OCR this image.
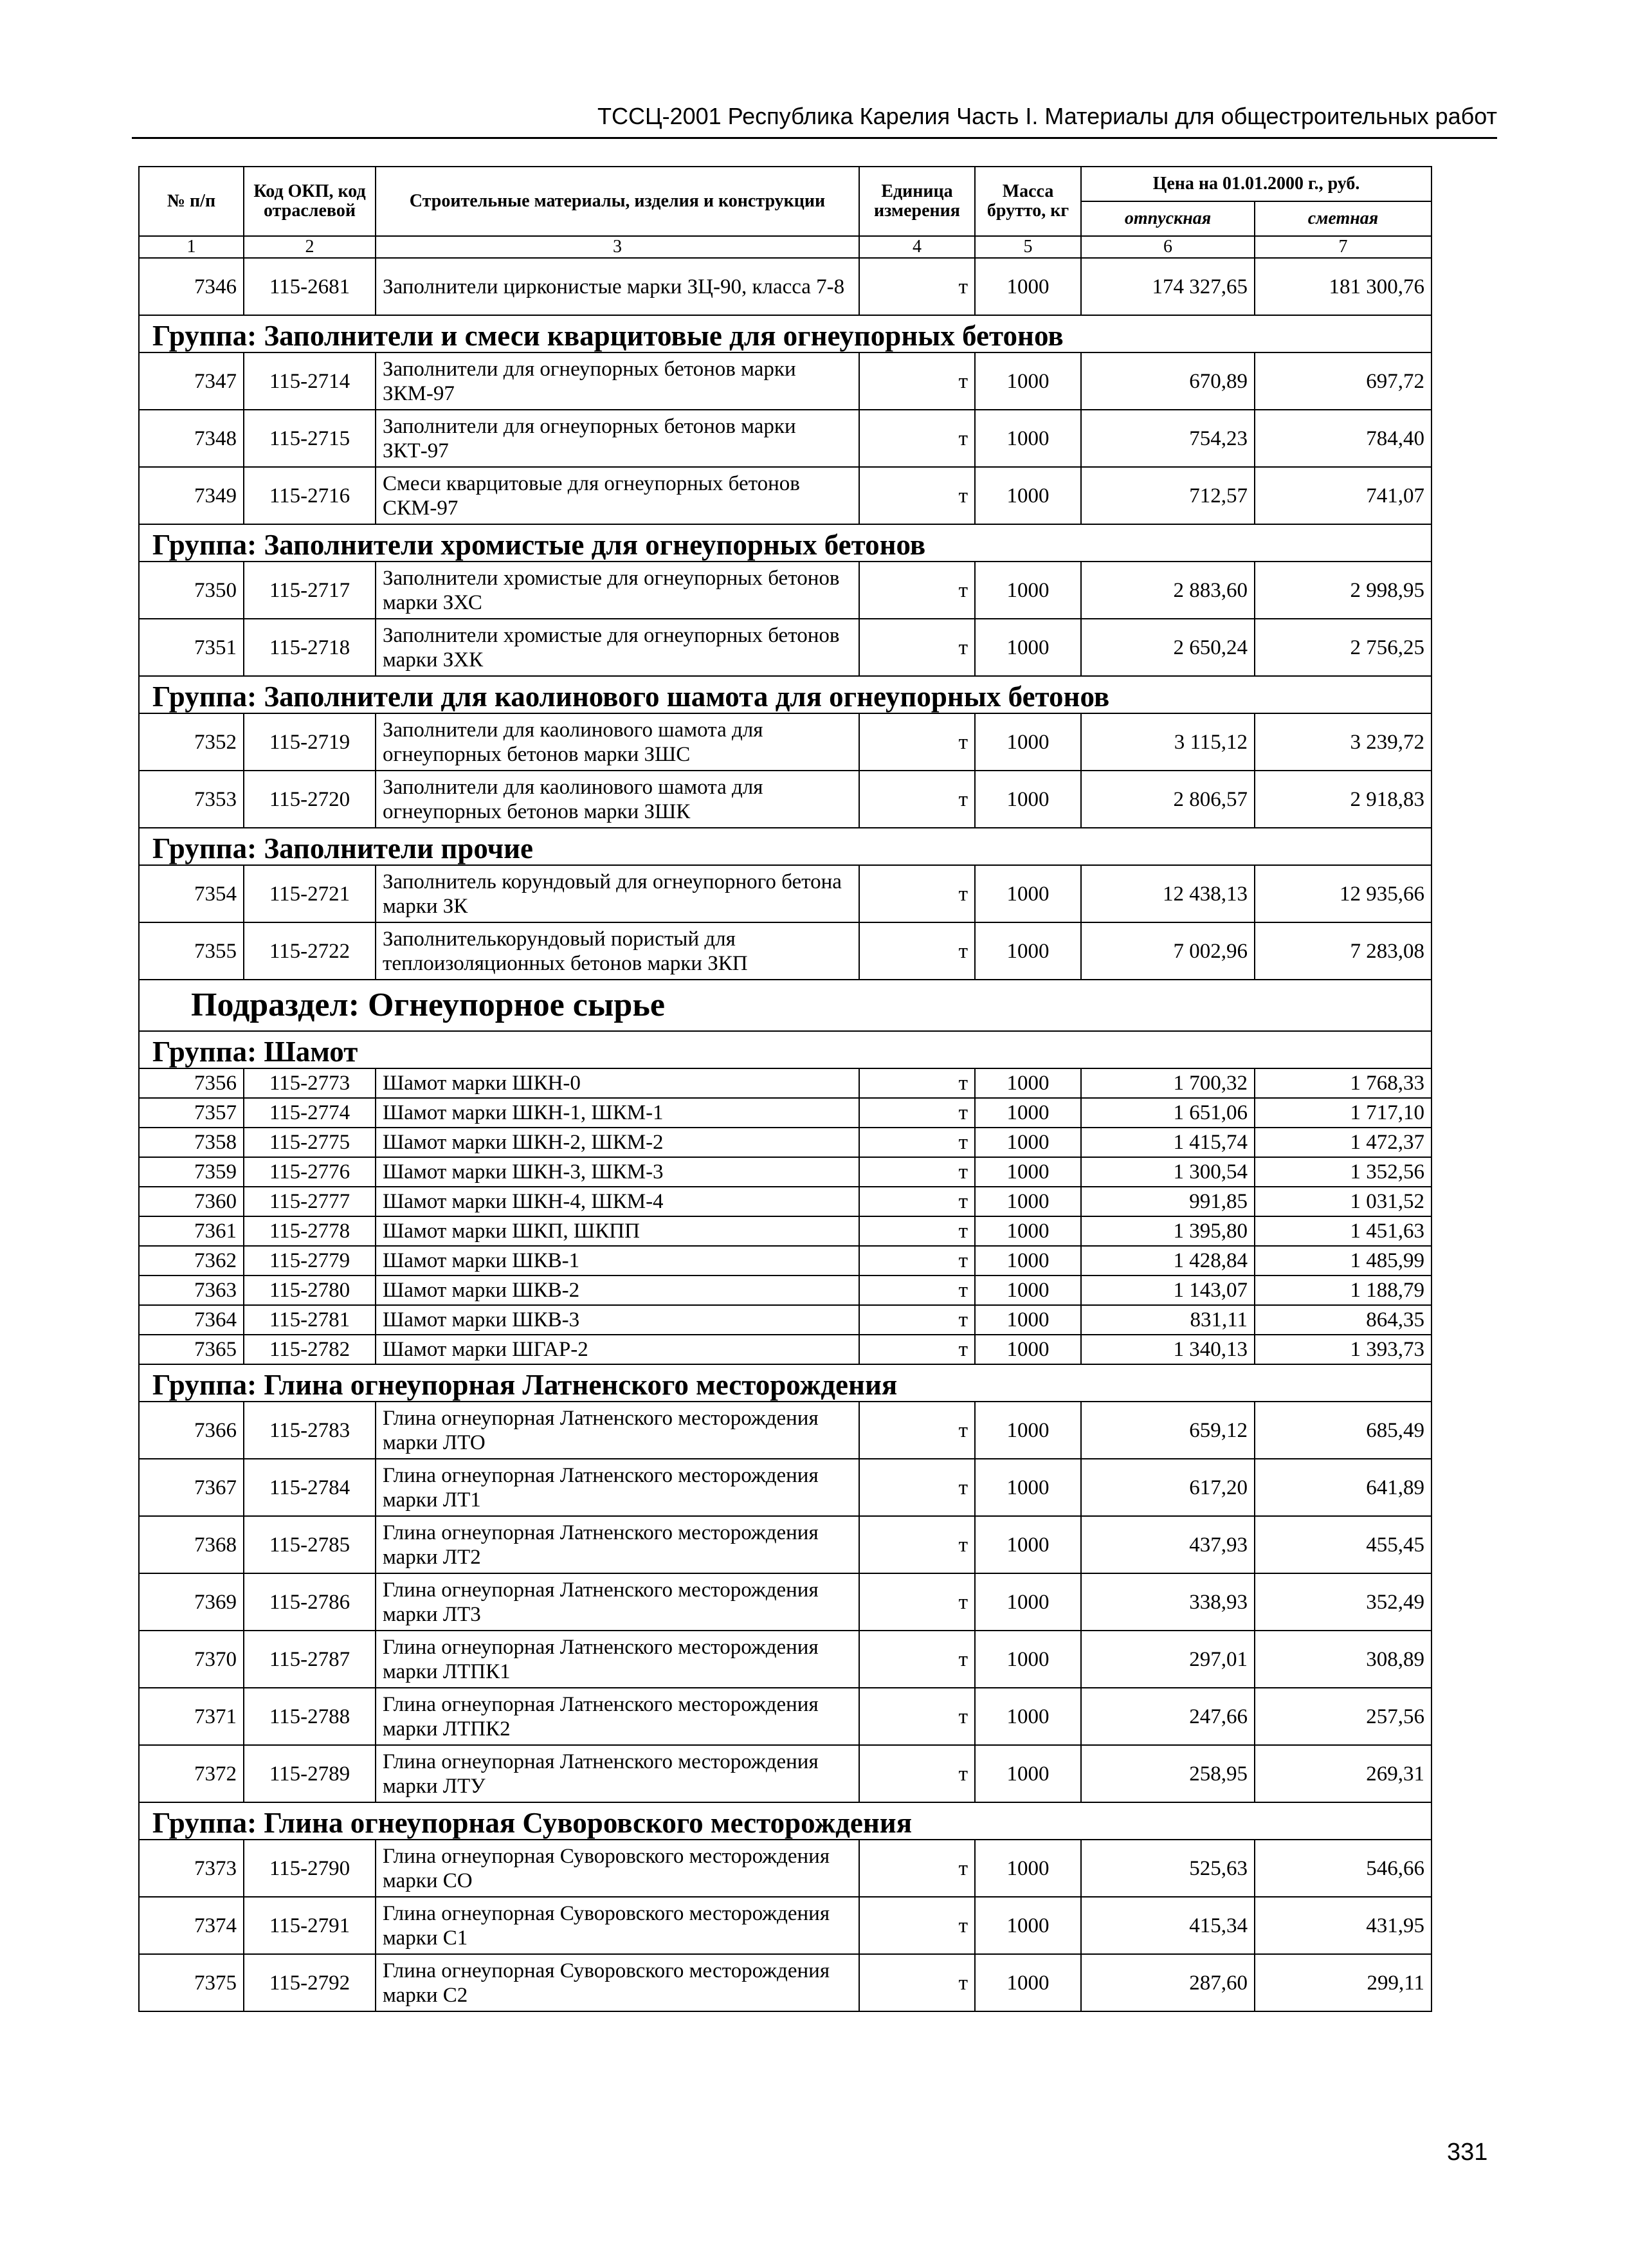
ТССЦ-2001 Республика Карелия Часть I. Материалы для общестроительных работ
№ п/п	Код ОКП, код отраслевой	Строительные материалы, изделия и конструкции	Единица измерения	Масса брутто, кг	Цена на 01.01.2000 г., руб.	
					отпускная	сметная
1	2	3	4	5	6	7
7346	115-2681	Заполнители цирконистые марки ЗЦ-90, класса 7-8	т	1000	174 327,65	181 300,76
Группа: Заполнители и смеси кварцитовые для огнеупорных бетонов						
7347	115-2714	Заполнители для огнеупорных бетонов марки ЗКМ-97	т	1000	670,89	697,72
7348	115-2715	Заполнители для огнеупорных бетонов марки ЗКТ-97	т	1000	754,23	784,40
7349	115-2716	Смеси кварцитовые для огнеупорных бетонов СКМ-97	т	1000	712,57	741,07
Группа: Заполнители хромистые для огнеупорных бетонов						
7350	115-2717	Заполнители хромистые для огнеупорных бетонов марки ЗХС	т	1000	2 883,60	2 998,95
7351	115-2718	Заполнители хромистые для огнеупорных бетонов марки ЗХК	т	1000	2 650,24	2 756,25
Группа: Заполнители для каолинового шамота для огнеупорных бетонов						
7352	115-2719	Заполнители для каолинового шамота для огнеупорных бетонов марки ЗШС	т	1000	3 115,12	3 239,72
7353	115-2720	Заполнители для каолинового шамота для огнеупорных бетонов марки ЗШК	т	1000	2 806,57	2 918,83
Группа: Заполнители прочие						
7354	115-2721	Заполнитель корундовый для огнеупорного бетона марки ЗК	т	1000	12 438,13	12 935,66
7355	115-2722	Заполнителькорундовый пористый для теплоизоляционных бетонов марки ЗКП	т	1000	7 002,96	7 283,08
Подраздел: Огнеупорное сырье						
Группа: Шамот						
7356	115-2773	Шамот марки ШКН-0	т	1000	1 700,32	1 768,33
7357	115-2774	Шамот марки ШКН-1, ШКМ-1	т	1000	1 651,06	1 717,10
7358	115-2775	Шамот марки ШКН-2, ШКМ-2	т	1000	1 415,74	1 472,37
7359	115-2776	Шамот марки ШКН-3, ШКМ-3	т	1000	1 300,54	1 352,56
7360	115-2777	Шамот марки ШКН-4, ШКМ-4	т	1000	991,85	1 031,52
7361	115-2778	Шамот марки ШКП, ШКПП	т	1000	1 395,80	1 451,63
7362	115-2779	Шамот марки ШКВ-1	т	1000	1 428,84	1 485,99
7363	115-2780	Шамот марки ШКВ-2	т	1000	1 143,07	1 188,79
7364	115-2781	Шамот марки ШКВ-3	т	1000	831,11	864,35
7365	115-2782	Шамот марки ШГАР-2	т	1000	1 340,13	1 393,73
Группа: Глина огнеупорная Латненского месторождения						
7366	115-2783	Глина огнеупорная Латненского месторождения марки ЛТО	т	1000	659,12	685,49
7367	115-2784	Глина огнеупорная Латненского месторождения марки ЛТ1	т	1000	617,20	641,89
7368	115-2785	Глина огнеупорная Латненского месторождения марки ЛТ2	т	1000	437,93	455,45
7369	115-2786	Глина огнеупорная Латненского месторождения марки ЛТ3	т	1000	338,93	352,49
7370	115-2787	Глина огнеупорная Латненского месторождения марки ЛТПК1	т	1000	297,01	308,89
7371	115-2788	Глина огнеупорная Латненского месторождения марки ЛТПК2	т	1000	247,66	257,56
7372	115-2789	Глина огнеупорная Латненского месторождения марки ЛТУ	т	1000	258,95	269,31
Группа: Глина огнеупорная Суворовского месторождения						
7373	115-2790	Глина огнеупорная Суворовского месторождения марки СО	т	1000	525,63	546,66
7374	115-2791	Глина огнеупорная Суворовского месторождения марки С1	т	1000	415,34	431,95
7375	115-2792	Глина огнеупорная Суворовского месторождения марки С2	т	1000	287,60	299,11
331
